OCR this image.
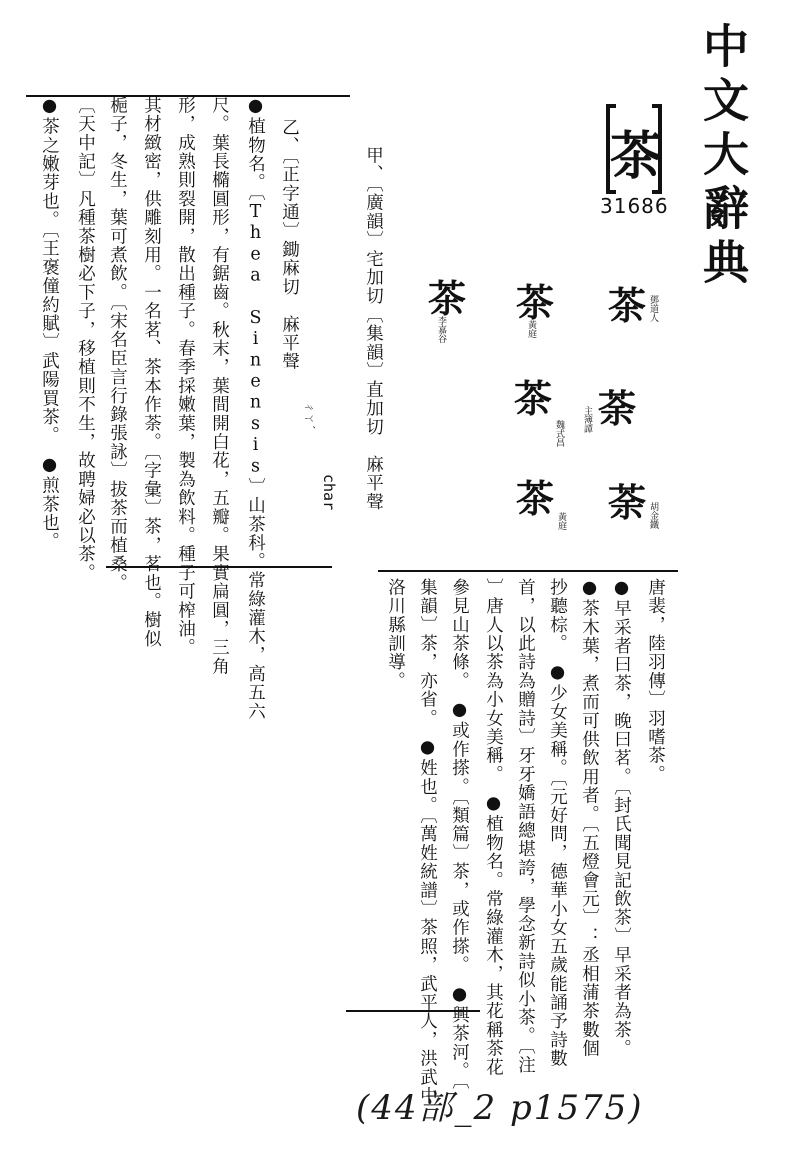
中文大辭典
茶
31686
茶 鄧道人
荼
主簿譚
荼 胡金鐵
茶
黃庭
茶
魏式昌
茶 黃庭
茶
李嘉谷
ㄔㄚˊ
char 甲、〔廣韻〕宅加切〔集韻〕直加切　麻平聲
乙、〔正字通〕鋤麻切　麻平聲
●植物名。〔Thea Sinensis〕山茶科。常綠灌木，高五六
尺。葉長橢圓形，有鋸齒。秋末，葉間開白花，五瓣。果實扁圓，三角
形，成熟則裂開，散出種子。春季採嫩葉，製為飲料。種子可榨油。
其材緻密，供雕刻用。一名茗、茶本作荼。〔字彙〕茶，茗也。樹似
梔子，冬生，葉可煮飲。〔宋名臣言行錄張詠〕拔茶而植桑。
〔天中記〕凡種茶樹必下子，移植則不生，故聘婦必以茶。
●茶之嫩芽也。〔王褒僮約賦〕武陽買茶。　●煎茶也。
唐裴，陸羽傳〕羽嗜茶。
●早采者曰茶，晚曰茗。〔封氏聞見記飲茶〕早采者為茶。
●茶木葉，煮而可供飲用者。〔五燈會元〕：丞相蒲茶數個
抄聽棕。　●少女美稱。〔元好問，德華小女五歲能誦予詩數
首，以此詩為贈詩〕牙牙嬌語總堪誇，學念新詩似小茶。〔注
〕唐人以茶為小女美稱。　●植物名。常綠灌木，其花稱茶花
參見山茶條。　●或作搽。〔類篇〕茶，或作搽。　●興茶河。〔
集韻〕茶，亦省。　●姓也。〔萬姓統譜〕茶照，武平人，洪武中
洛川縣訓導。
(44部_2 p1575)
